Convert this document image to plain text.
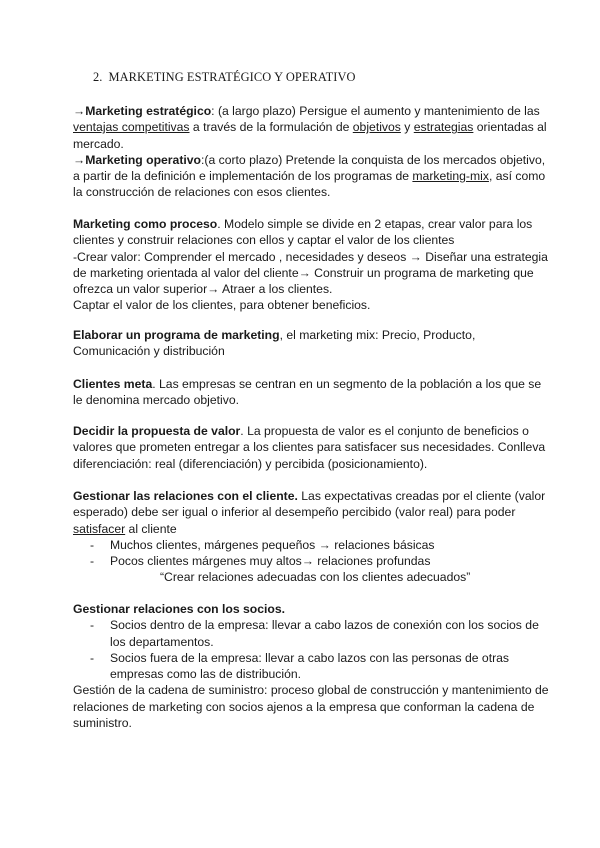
2. MARKETING ESTRATÉGICO Y OPERATIVO

→Marketing estratégico: (a largo plazo) Persigue el aumento y mantenimiento de las ventajas competitivas a través de la formulación de objetivos y estrategias orientadas al mercado.

→Marketing operativo:(a corto plazo) Pretende la conquista de los mercados objetivo, a partir de la definición e implementación de los programas de marketing-mix, así como la construcción de relaciones con esos clientes.

Marketing como proceso. Modelo simple se divide en 2 etapas, crear valor para los clientes y construir relaciones con ellos y captar el valor de los clientes

-Crear valor: Comprender el mercado , necesidades y deseos → Diseñar una estrategia de marketing orientada al valor del cliente→ Construir un programa de marketing que ofrezca un valor superior→ Atraer a los clientes.

Captar el valor de los clientes, para obtener beneficios.

Elaborar un programa de marketing, el marketing mix: Precio, Producto, Comunicación y distribución

Clientes meta. Las empresas se centran en un segmento de la población a los que se le denomina mercado objetivo.

Decidir la propuesta de valor. La propuesta de valor es el conjunto de beneficios o valores que prometen entregar a los clientes para satisfacer sus necesidades. Conlleva diferenciación: real (diferenciación) y percibida (posicionamiento).

Gestionar las relaciones con el cliente. Las expectativas creadas por el cliente (valor esperado) debe ser igual o inferior al desempeño percibido (valor real) para poder satisfacer al cliente

- Muchos clientes, márgenes pequeños → relaciones básicas

- Pocos clientes márgenes muy altos→ relaciones profundas

“Crear relaciones adecuadas con los clientes adecuados”

Gestionar relaciones con los socios.

- Socios dentro de la empresa: llevar a cabo lazos de conexión con los socios de los departamentos.

- Socios fuera de la empresa: llevar a cabo lazos con las personas de otras empresas como las de distribución.

Gestión de la cadena de suministro: proceso global de construcción y mantenimiento de relaciones de marketing con socios ajenos a la empresa que conforman la cadena de suministro.
